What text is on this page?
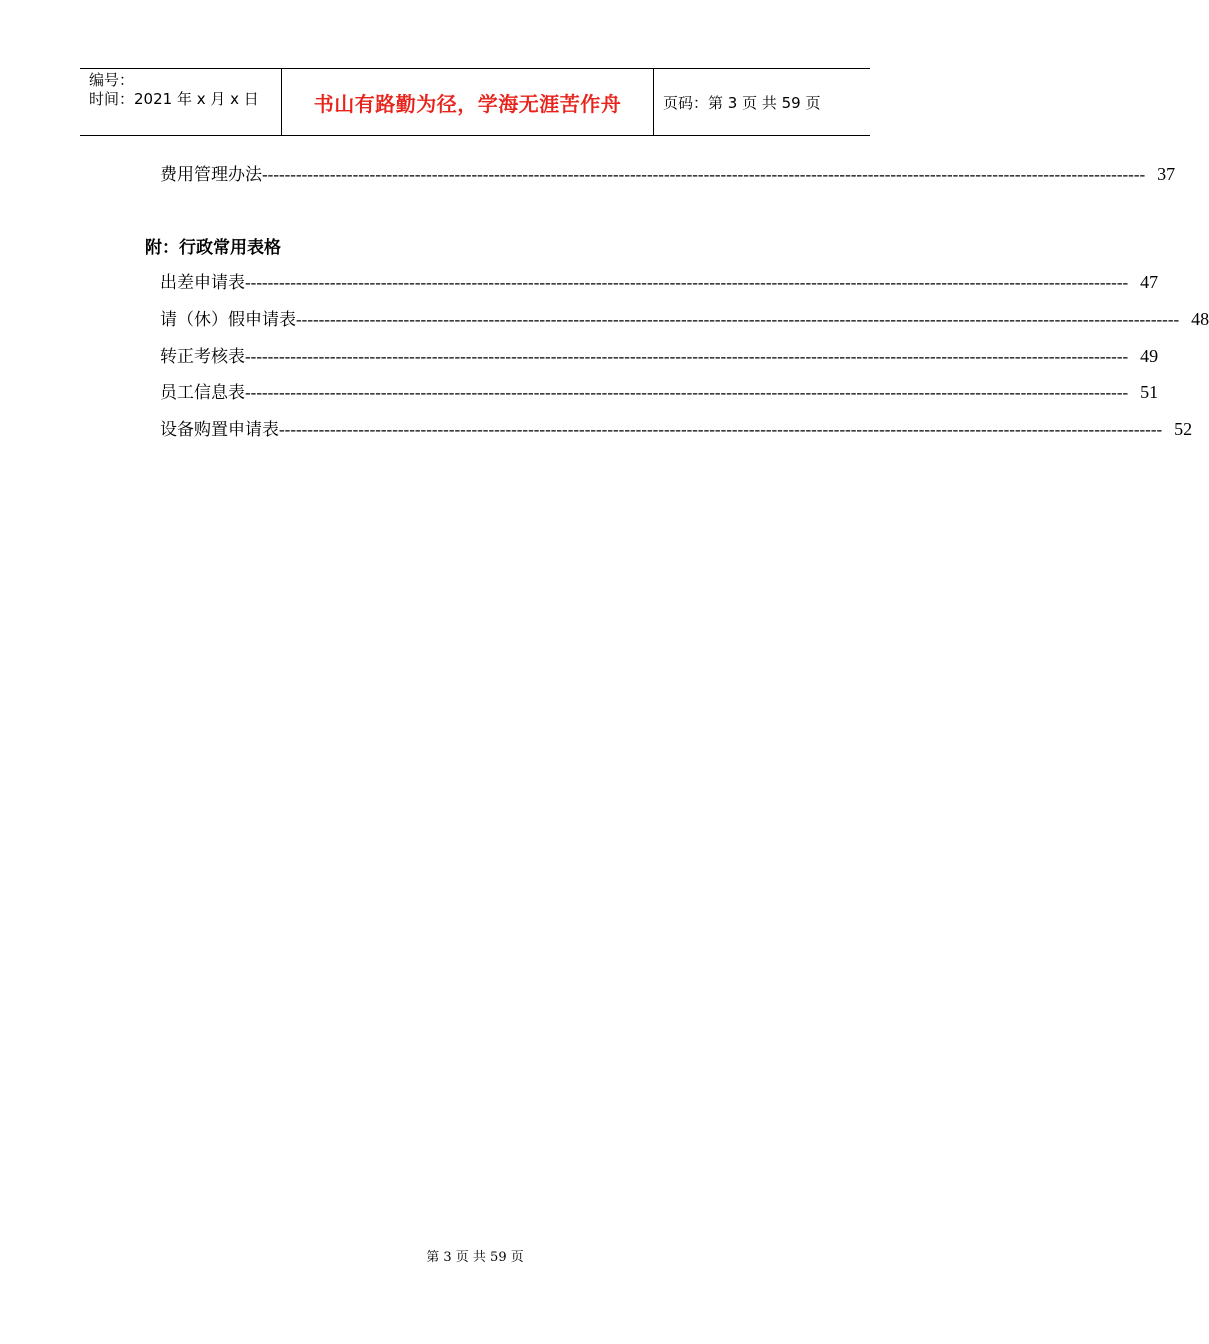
编号：
时间：2021 年 x 月 x 日	书山有路勤为径，学海无涯苦作舟	页码：第 3 页 共 59 页
费用管理办法 ------------------------------------------------------------------------------------------------------------------------------------------------------------ 37
附：行政常用表格
出差申请表 ------------------------------------------------------------------------------------------------------------------------------------------------------------ 47
请（休）假申请表 ------------------------------------------------------------------------------------------------------------------------------------------------------------ 48
转正考核表 ------------------------------------------------------------------------------------------------------------------------------------------------------------ 49
员工信息表 ------------------------------------------------------------------------------------------------------------------------------------------------------------ 51
设备购置申请表 ------------------------------------------------------------------------------------------------------------------------------------------------------------ 52
第 3 页 共 59 页
